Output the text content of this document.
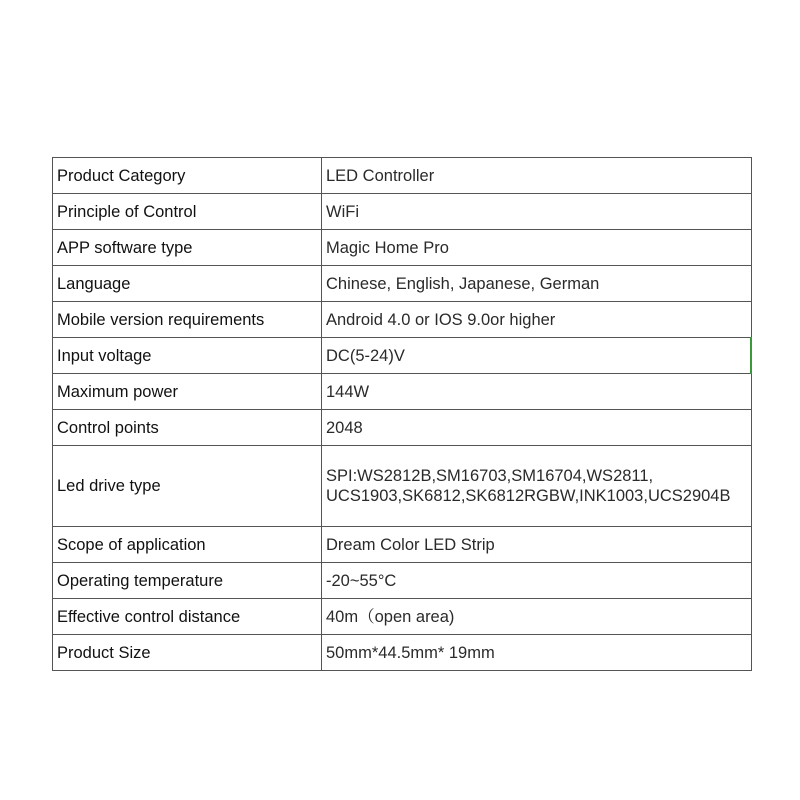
Product Category	LED Controller
Principle of Control	WiFi
APP software type	Magic Home Pro
Language	Chinese, English, Japanese, German
Mobile version requirements	Android 4.0 or IOS 9.0or higher
Input voltage	DC(5-24)V
Maximum power	144W
Control points	2048
Led drive type	SPI:WS2812B,SM16703,SM16704,WS2811,
UCS1903,SK6812,SK6812RGBW,INK1003,UCS2904B

Scope of application	Dream Color LED Strip
Operating temperature	-20~55°C
Effective control distance	40m（open area)
Product Size	50mm*44.5mm* 19mm
